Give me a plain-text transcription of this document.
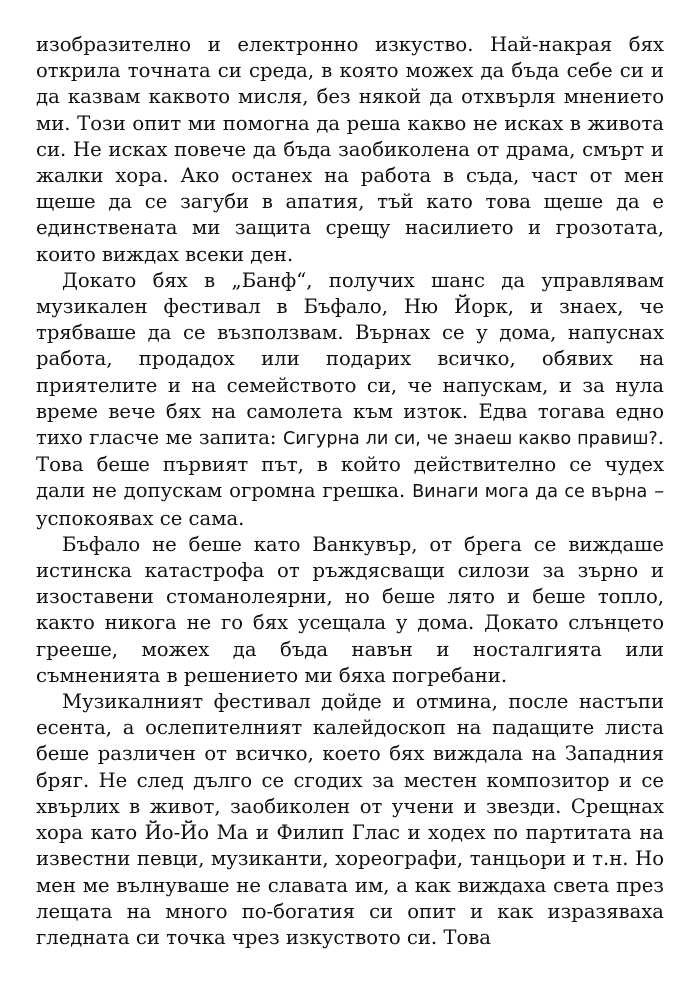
изобразително и електронно изкуство. Най-накрая бях открила точната си среда, в която можех да бъда себе си и да казвам каквото мисля, без някой да отхвърля мнението ми. Този опит ми помогна да реша какво не исках в живота си. Не исках повече да бъда заобиколена от драма, смърт и жалки хора. Ако останех на работа в съда, част от мен щеше да се загуби в апатия, тъй като това щеше да е единствената ми защита срещу насилието и грозотата, които виждах всеки ден.

Докато бях в „Банф“, получих шанс да управлявам музикален фестивал в Бъфало, Ню Йорк, и знаех, че трябваше да се възползвам. Върнах се у дома, напуснах работа, продадох или подарих всичко, обявих на приятелите и на семейството си, че напускам, и за нула време вече бях на самолета към изток. Едва тогава едно тихо гласче ме запита: Сигурна ли си, че знаеш какво правиш?. Това беше първият път, в който действително се чудех дали не допускам огромна грешка. Винаги мога да се върна – успокоявах се сама.

Бъфало не беше като Ванкувър, от брега се виждаше истинска катастрофа от ръждясващи силози за зърно и изоставени стоманолеярни, но беше лято и беше топло, както никога не го бях усещала у дома. Докато слънцето грееше, можех да бъда навън и носталгията или съмненията в решението ми бяха погребани.

Музикалният фестивал дойде и отмина, после настъпи есента, а ослепителният калейдоскоп на падащите листа беше различен от всичко, което бях виждала на Западния бряг. Не след дълго се сгодих за местен композитор и се хвърлих в живот, заобиколен от учени и звезди. Срещнах хора като Йо-Йо Ма и Филип Глас и ходех по партитата на известни певци, музиканти, хореографи, танцьори и т.н. Но мен ме вълнуваше не славата им, а как виждаха света през лещата на много по-богатия си опит и как изразяваха гледната си точка чрез изкуството си. Това
